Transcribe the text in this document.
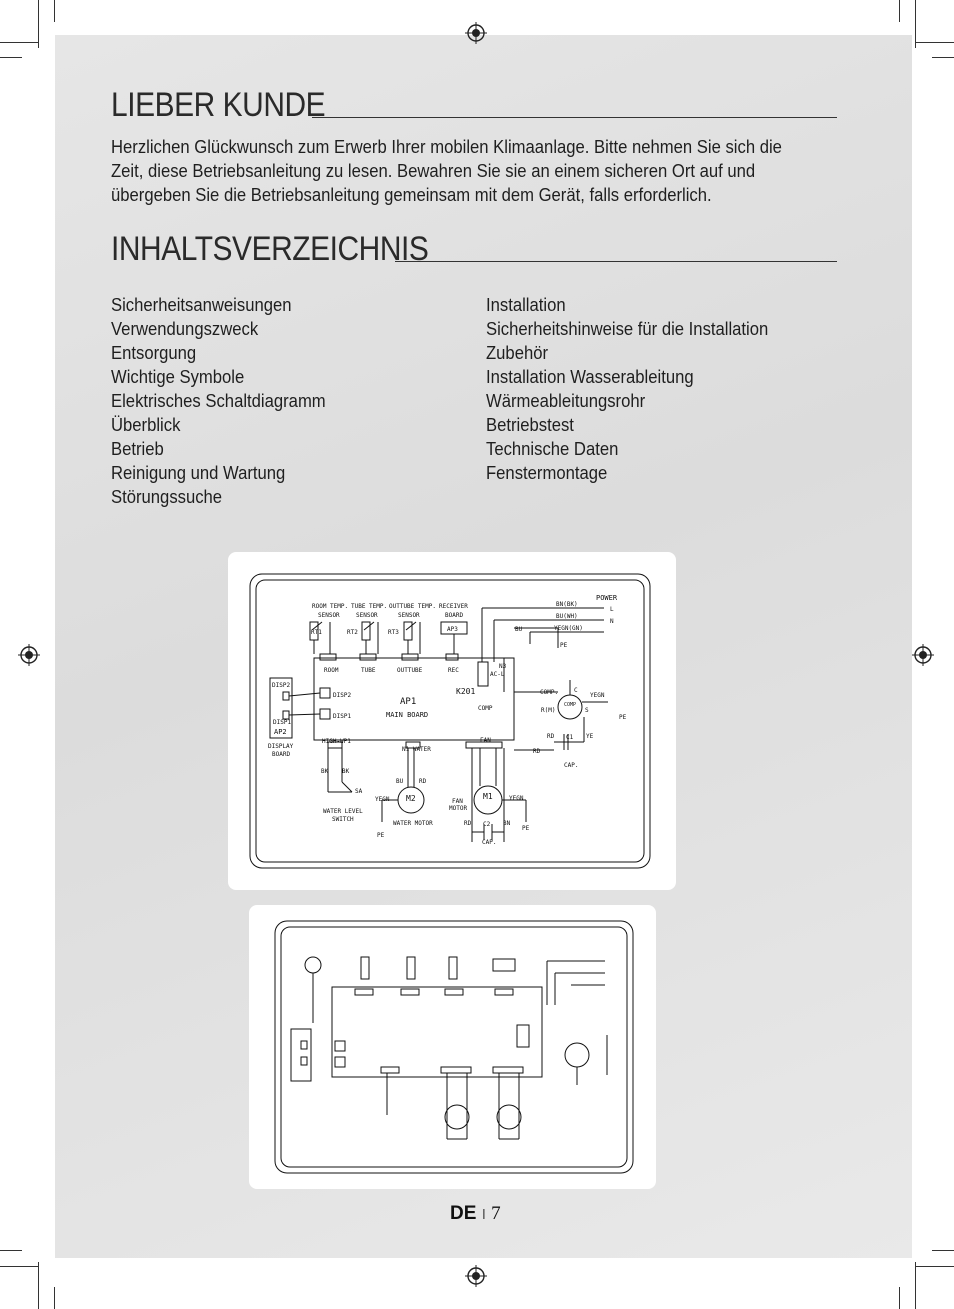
LIEBER KUNDE

Herzlichen Glückwunsch zum Erwerb Ihrer mobilen Klimaanlage. Bitte nehmen Sie sich die Zeit, diese Betriebsanleitung zu lesen. Bewahren Sie sie an einem sicheren Ort auf und übergeben Sie die Betriebsanleitung gemeinsam mit dem Gerät, falls erforderlich.

INHALTSVERZEICHNIS
Sicherheitsanweisungen
Verwendungszweck
Entsorgung
Wichtige Symbole
Elektrisches Schaltdiagramm
Überblick
Betrieb
Reinigung und Wartung
Störungssuche
Installation
Sicherheitshinweise für die Installation
Zubehör
Installation Wasserableitung
Wärmeableitungsrohr
Betriebstest
Technische Daten
Fenstermontage
ROOM TEMP. TUBE TEMP. OUTTUBE TEMP. RECEIVER
SENSOR	SENSOR	SENSOR	BOARD
RT1	RT2	RT3	AP3
ROOM	TUBE	OUTTUBE	REC
POWER
BN(BK)
BU(WH)
YEGN(GN)
L
N
PE
BU
N3
AC-L
K201
COMP
AP1
MAIN BOARD
DISP2
DISP2
DISP1
DISP1
AP2
DISPLAY
BOARD
HIGH-WP1
N1 WATER
FAN
COMP.	C
COMP
R(M)	S
YEGN
PE
RD C1 YE
RD
CAP.
BK BK
SA
WATER LEVEL
SWITCH
BU	RD
YEGN M2
WATER MOTOR
PE
FAN
MOTOR
M1	YEGN
RD C2 BN
PE
CAP.
DE I 7
